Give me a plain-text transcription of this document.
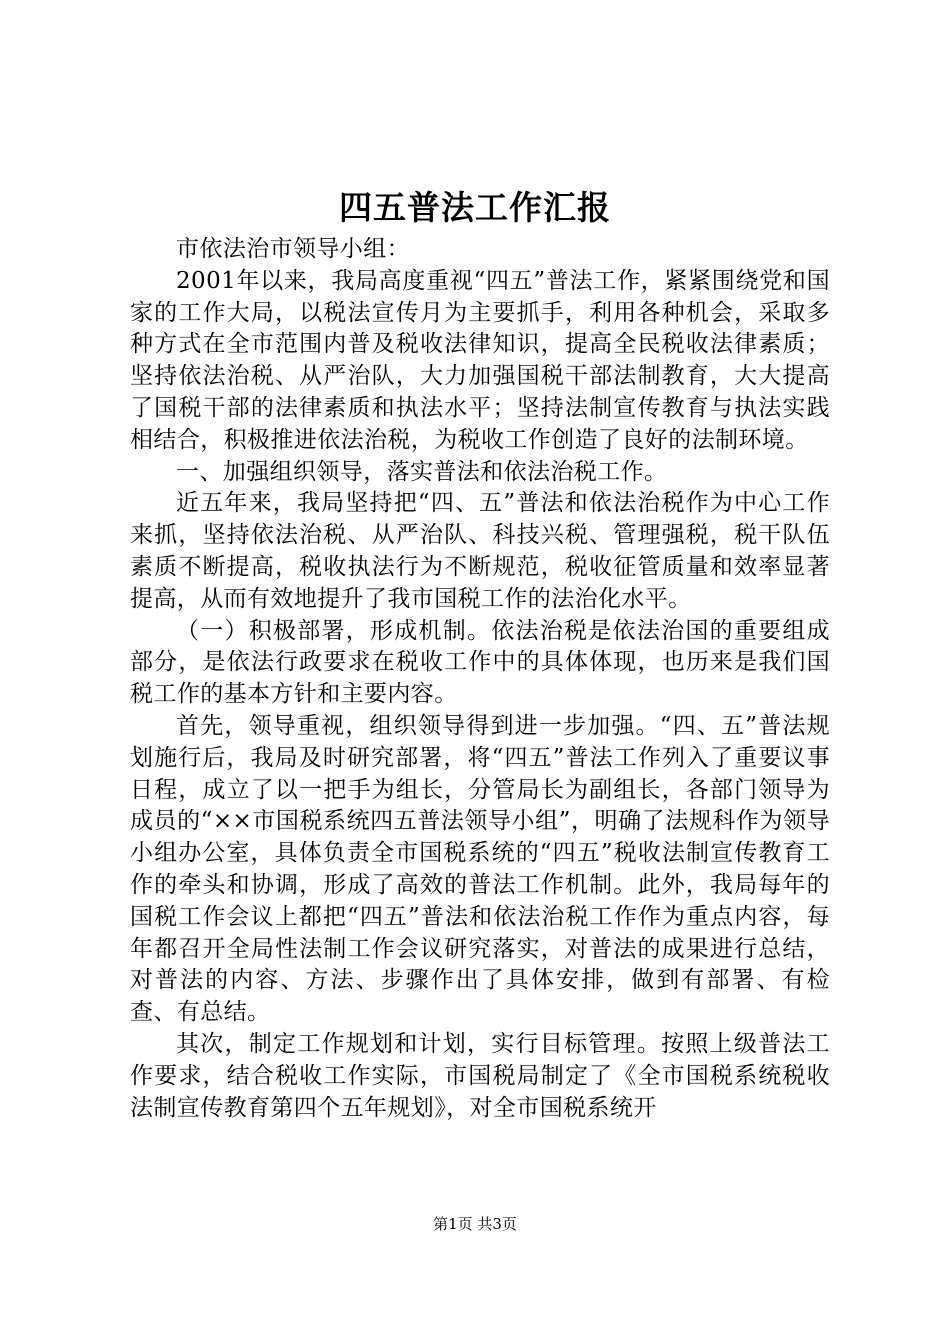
四五普法工作汇报

市依法治市领导小组：

2001年以来，我局高度重视“四五”普法工作，紧紧围绕党和国家的工作大局，以税法宣传月为主要抓手，利用各种机会，采取多种方式在全市范围内普及税收法律知识，提高全民税收法律素质；坚持依法治税、从严治队，大力加强国税干部法制教育，大大提高了国税干部的法律素质和执法水平；坚持法制宣传教育与执法实践相结合，积极推进依法治税，为税收工作创造了良好的法制环境。

一、加强组织领导，落实普法和依法治税工作。

近五年来，我局坚持把“四、五”普法和依法治税作为中心工作来抓，坚持依法治税、从严治队、科技兴税、管理强税，税干队伍素质不断提高，税收执法行为不断规范，税收征管质量和效率显著提高，从而有效地提升了我市国税工作的法治化水平。

（一）积极部署，形成机制。依法治税是依法治国的重要组成部分，是依法行政要求在税收工作中的具体体现，也历来是我们国税工作的基本方针和主要内容。

首先，领导重视，组织领导得到进一步加强。“四、五”普法规划施行后，我局及时研究部署，将“四五”普法工作列入了重要议事日程，成立了以一把手为组长，分管局长为副组长，各部门领导为成员的“××市国税系统四五普法领导小组”，明确了法规科作为领导小组办公室，具体负责全市国税系统的“四五”税收法制宣传教育工作的牵头和协调，形成了高效的普法工作机制。此外，我局每年的国税工作会议上都把“四五”普法和依法治税工作作为重点内容，每年都召开全局性法制工作会议研究落实，对普法的成果进行总结，对普法的内容、方法、步骤作出了具体安排，做到有部署、有检查、有总结。

其次，制定工作规划和计划，实行目标管理。按照上级普法工作要求，结合税收工作实际，市国税局制定了《全市国税系统税收法制宣传教育第四个五年规划》，对全市国税系统开

第1页 共3页
